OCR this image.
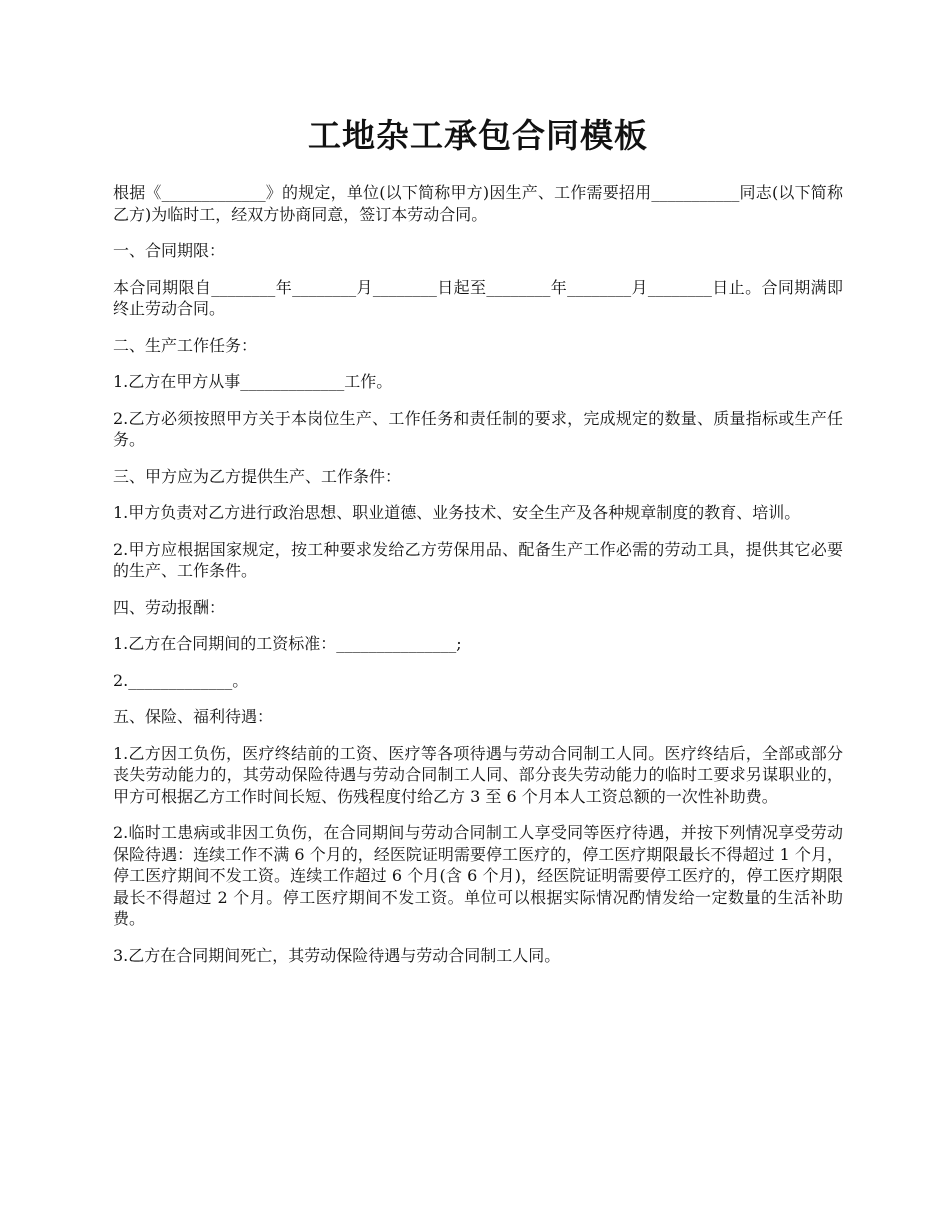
工地杂工承包合同模板

根据《_____________》的规定，单位(以下简称甲方)因生产、工作需要招用___________同志(以下简称乙方)为临时工，经双方协商同意，签订本劳动合同。

一、合同期限：

本合同期限自________年________月________日起至________年________月________日止。合同期满即终止劳动合同。

二、生产工作任务：

1.乙方在甲方从事_____________工作。

2.乙方必须按照甲方关于本岗位生产、工作任务和责任制的要求，完成规定的数量、质量指标或生产任务。

三、甲方应为乙方提供生产、工作条件：

1.甲方负责对乙方进行政治思想、职业道德、业务技术、安全生产及各种规章制度的教育、培训。

2.甲方应根据国家规定，按工种要求发给乙方劳保用品、配备生产工作必需的劳动工具，提供其它必要的生产、工作条件。

四、劳动报酬：

1.乙方在合同期间的工资标准：_______________;

2._____________。

五、保险、福利待遇：

1.乙方因工负伤，医疗终结前的工资、医疗等各项待遇与劳动合同制工人同。医疗终结后，全部或部分丧失劳动能力的，其劳动保险待遇与劳动合同制工人同、部分丧失劳动能力的临时工要求另谋职业的，甲方可根据乙方工作时间长短、伤残程度付给乙方 3 至 6 个月本人工资总额的一次性补助费。

2.临时工患病或非因工负伤，在合同期间与劳动合同制工人享受同等医疗待遇，并按下列情况享受劳动保险待遇：连续工作不满 6 个月的，经医院证明需要停工医疗的，停工医疗期限最长不得超过 1 个月，停工医疗期间不发工资。连续工作超过 6 个月(含 6 个月)，经医院证明需要停工医疗的，停工医疗期限最长不得超过 2 个月。停工医疗期间不发工资。单位可以根据实际情况酌情发给一定数量的生活补助费。

3.乙方在合同期间死亡，其劳动保险待遇与劳动合同制工人同。
